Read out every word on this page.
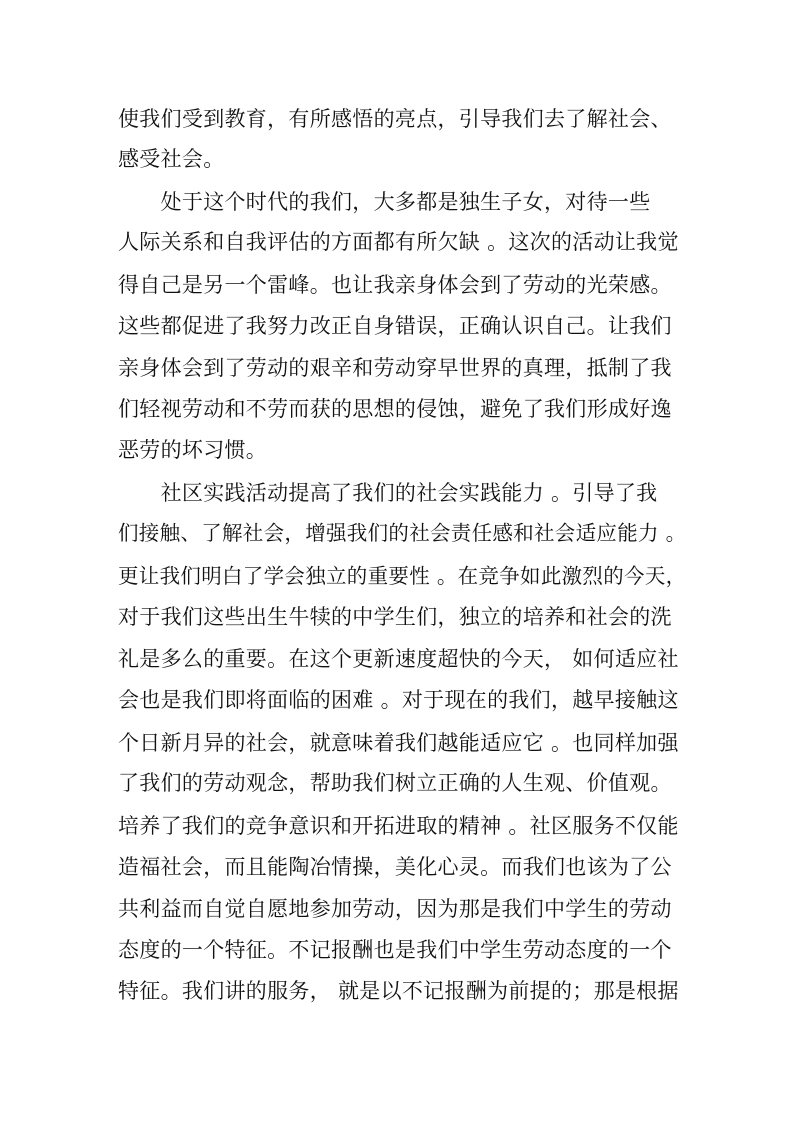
使我们受到教育，有所感悟的亮点，引导我们去了解社会、
感受社会。
　　处于这个时代的我们，大多都是独生子女，对待一些
人际关系和自我评估的方面都有所欠缺 。这次的活动让我觉
得自己是另一个雷峰。也让我亲身体会到了劳动的光荣感。
这些都促进了我努力改正自身错误，正确认识自己。让我们
亲身体会到了劳动的艰辛和劳动穿早世界的真理，抵制了我
们轻视劳动和不劳而获的思想的侵蚀，避免了我们形成好逸
恶劳的坏习惯。
　　社区实践活动提高了我们的社会实践能力 。引导了我
们接触、了解社会，增强我们的社会责任感和社会适应能力 。
更让我们明白了学会独立的重要性 。在竞争如此激烈的今天，
对于我们这些出生牛犊的中学生们，独立的培养和社会的洗
礼是多么的重要。在这个更新速度超快的今天， 如何适应社
会也是我们即将面临的困难 。对于现在的我们，越早接触这
个日新月异的社会，就意味着我们越能适应它 。也同样加强
了我们的劳动观念，帮助我们树立正确的人生观、价值观。
培养了我们的竞争意识和开拓进取的精神 。社区服务不仅能
造福社会，而且能陶冶情操，美化心灵。而我们也该为了公
共利益而自觉自愿地参加劳动，因为那是我们中学生的劳动
态度的一个特征。不记报酬也是我们中学生劳动态度的一个
特征。我们讲的服务， 就是以不记报酬为前提的；那是根据
